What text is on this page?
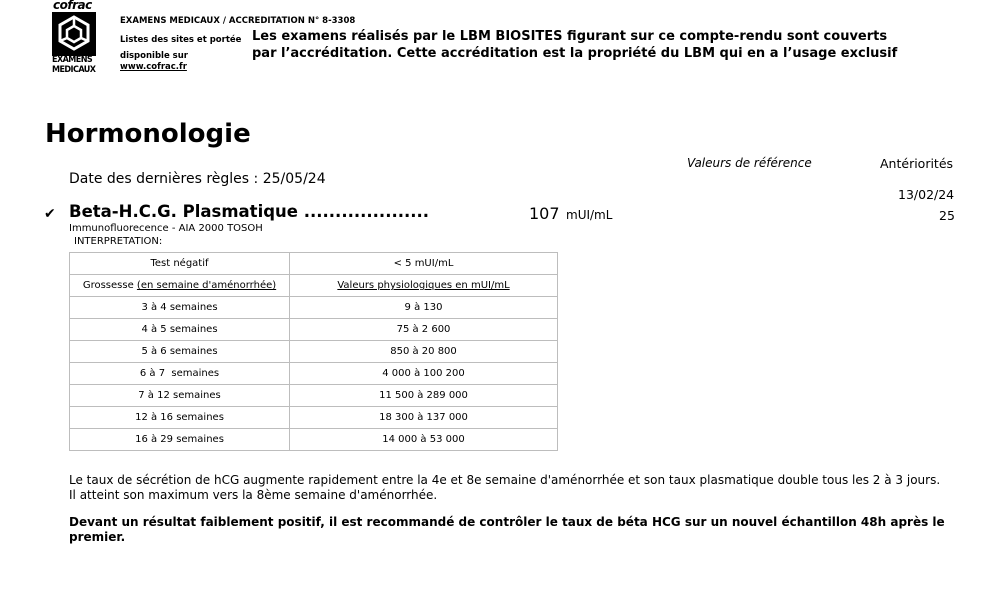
cofrac
EXAMENS
MEDICAUX
EXAMENS MEDICAUX / ACCREDITATION N° 8-3308
Listes des sites et portée
disponible sur
www.cofrac.fr
Les examens réalisés par le LBM BIOSITES figurant sur ce compte-rendu sont couverts
par l’accréditation. Cette accréditation est la propriété du LBM qui en a l’usage exclusif
Hormonologie
Valeurs de référence	Antériorités
Date des dernières règles : 25/05/24
13/02/24
✔ Beta-H.C.G. Plasmatique ....................	107 mUI/mL	25
Immunofluorecence - AIA 2000 TOSOH
INTERPRETATION:
Test négatif	< 5 mUI/mL
Grossesse (en semaine d'aménorrhée)	Valeurs physiologiques en mUI/mL
3 à 4 semaines	9 à 130
4 à 5 semaines	75 à 2 600
5 à 6 semaines	850 à 20 800
6 à 7  semaines	4 000 à 100 200
7 à 12 semaines	11 500 à 289 000
12 à 16 semaines	18 300 à 137 000
16 à 29 semaines	14 000 à 53 000
Le taux de sécrétion de hCG augmente rapidement entre la 4e et 8e semaine d'aménorrhée et son taux plasmatique double tous les 2 à 3 jours.
Il atteint son maximum vers la 8ème semaine d'aménorrhée.
Devant un résultat faiblement positif, il est recommandé de contrôler le taux de béta HCG sur un nouvel échantillon 48h après le premier.
